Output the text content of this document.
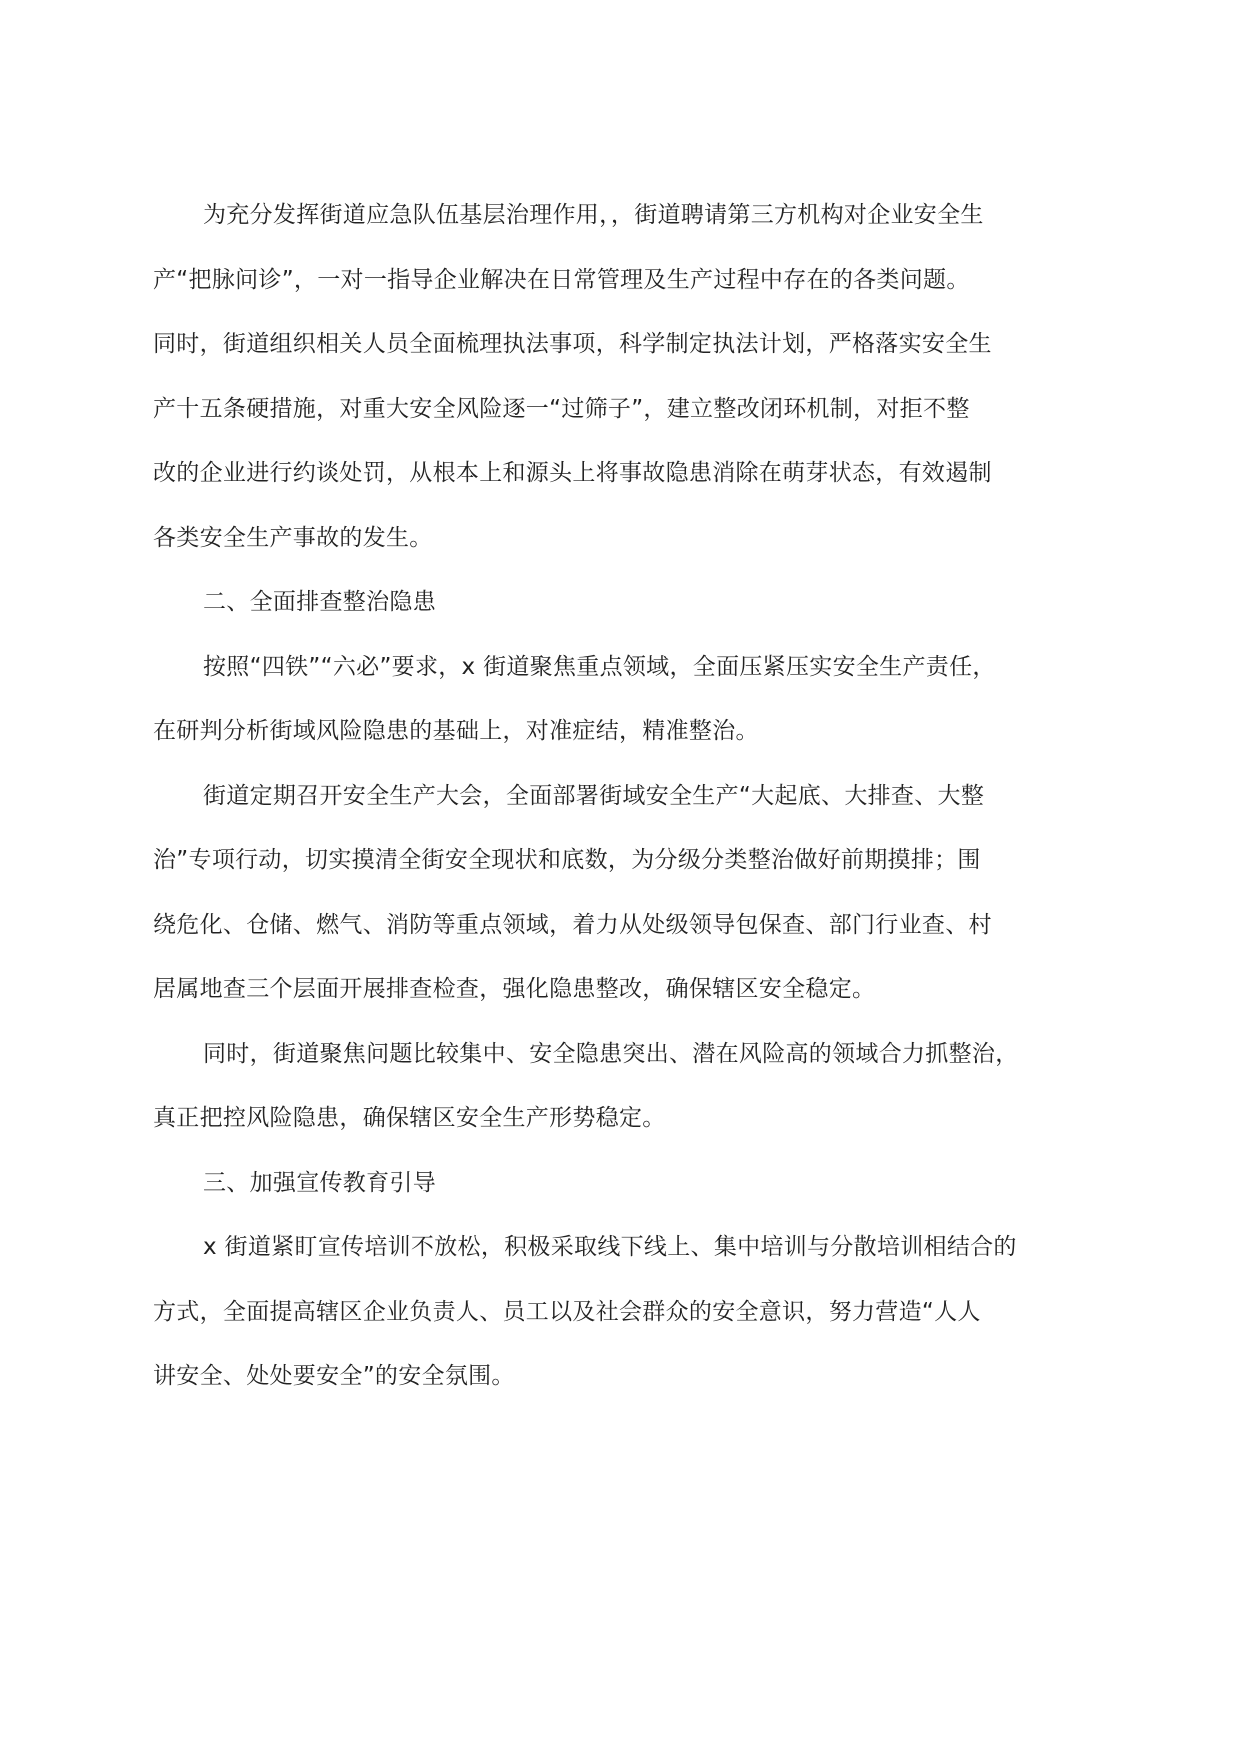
为充分发挥街道应急队伍基层治理作用，，街道聘请第三方机构对企业安全生
产“把脉问诊”，一对一指导企业解决在日常管理及生产过程中存在的各类问题。
同时，街道组织相关人员全面梳理执法事项，科学制定执法计划，严格落实安全生
产十五条硬措施，对重大安全风险逐一“过筛子”，建立整改闭环机制，对拒不整
改的企业进行约谈处罚，从根本上和源头上将事故隐患消除在萌芽状态，有效遏制
各类安全生产事故的发生。
二、全面排查整治隐患
按照“四铁”“六必”要求，x 街道聚焦重点领域，全面压紧压实安全生产责任，
在研判分析街域风险隐患的基础上，对准症结，精准整治。
街道定期召开安全生产大会，全面部署街域安全生产“大起底、大排查、大整
治”专项行动，切实摸清全街安全现状和底数，为分级分类整治做好前期摸排；围
绕危化、仓储、燃气、消防等重点领域，着力从处级领导包保查、部门行业查、村
居属地查三个层面开展排查检查，强化隐患整改，确保辖区安全稳定。
同时，街道聚焦问题比较集中、安全隐患突出、潜在风险高的领域合力抓整治，
真正把控风险隐患，确保辖区安全生产形势稳定。
三、加强宣传教育引导
x 街道紧盯宣传培训不放松，积极采取线下线上、集中培训与分散培训相结合的
方式，全面提高辖区企业负责人、员工以及社会群众的安全意识，努力营造“人人
讲安全、处处要安全”的安全氛围。
